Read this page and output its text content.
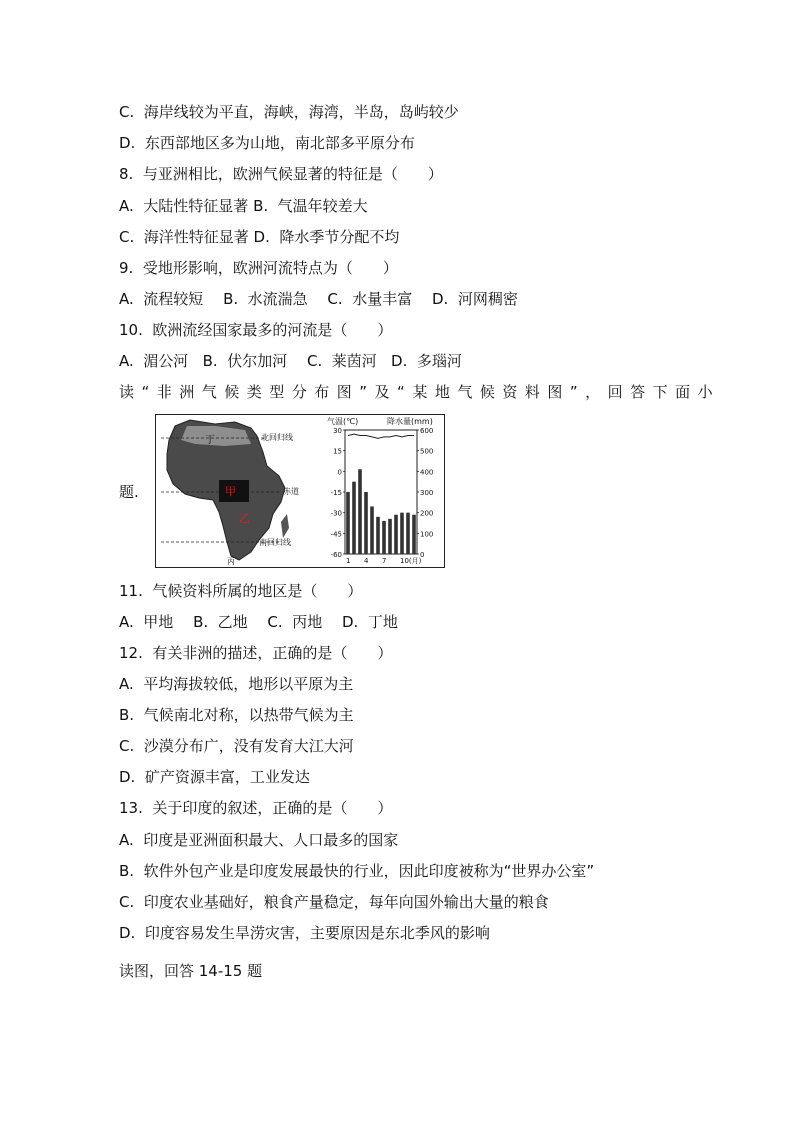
C.  海岸线较为平直，海峡，海湾，半岛，岛屿较少
D.  东西部地区多为山地，南北部多平原分布
8.  与亚洲相比，欧洲气候显著的特征是（　　）
A.  大陆性特征显著 B.  气温年较差大
C.  海洋性特征显著 D.  降水季节分配不均
9.  受地形影响，欧洲河流特点为（　　）
A.  流程较短　 B.  水流湍急　 C.  水量丰富　 D.  河网稠密
10.  欧洲流经国家最多的河流是（　　）
A.  湄公河   B.  伏尔加河　 C.  莱茵河   D.  多瑙河
读“非洲气候类型分布图”及“某地气候资料图”，回答下面小
题.
北回归线
赤道
南回归线
丁
甲
乙
丙
气温(℃)	降水量(mm)
30
15
0
-15
-30
-45
-60
600
500
400
300
200
100
0
1 4 7 10(月)
11.  气候资料所属的地区是（　　）
A.  甲地　 B.  乙地　 C.  丙地　 D.  丁地
12.  有关非洲的描述，正确的是（　　）
A.  平均海拔较低，地形以平原为主
B.  气候南北对称，以热带气候为主
C.  沙漠分布广，没有发育大江大河
D.  矿产资源丰富，工业发达
13.  关于印度的叙述，正确的是（　　）
A.  印度是亚洲面积最大、人口最多的国家
B.  软件外包产业是印度发展最快的行业，因此印度被称为“世界办公室”
C.  印度农业基础好，粮食产量稳定，每年向国外输出大量的粮食
D.  印度容易发生旱涝灾害，主要原因是东北季风的影响
读图，回答 14-15 题
